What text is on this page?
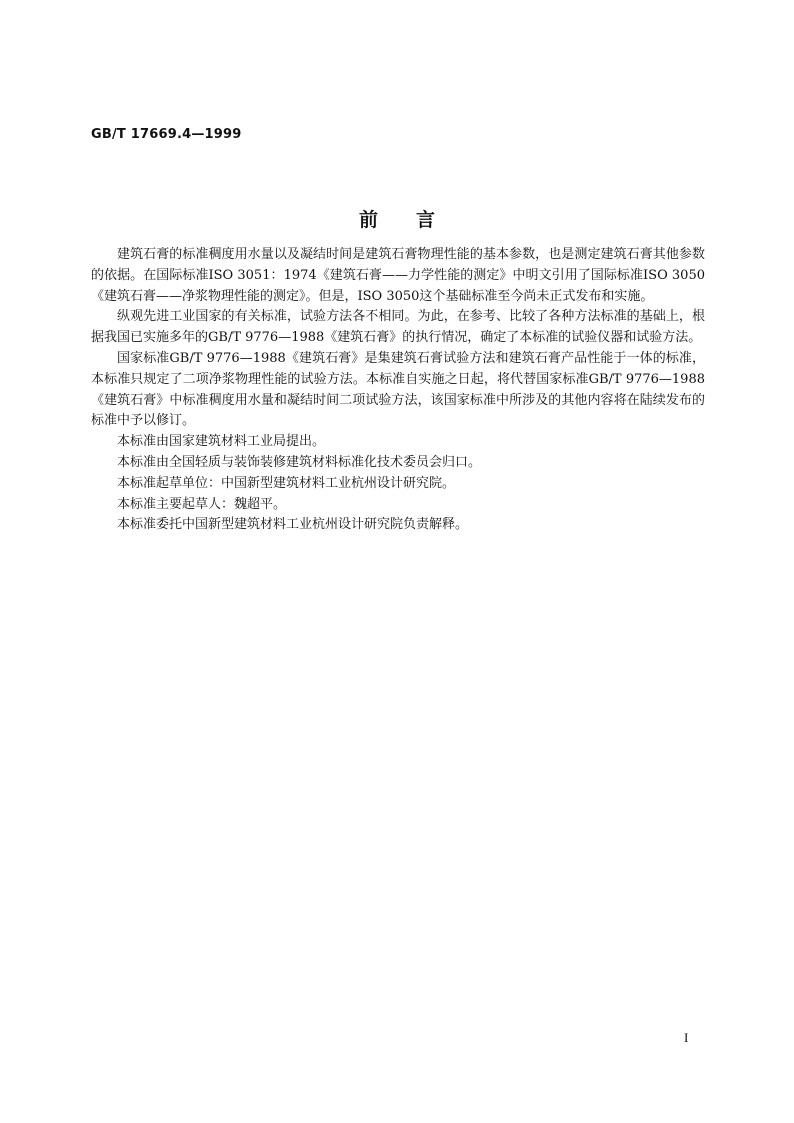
GB/T 17669.4—1999
前言

建筑石膏的标准稠度用水量以及凝结时间是建筑石膏物理性能的基本参数，也是测定建筑石膏其他参数的依据。在国际标准ISO 3051：1974《建筑石膏——力学性能的测定》中明文引用了国际标准ISO 3050《建筑石膏——净浆物理性能的测定》。但是，ISO 3050这个基础标准至今尚未正式发布和实施。

纵观先进工业国家的有关标准，试验方法各不相同。为此，在参考、比较了各种方法标准的基础上，根据我国已实施多年的GB/T 9776—1988《建筑石膏》的执行情况，确定了本标准的试验仪器和试验方法。

国家标准GB/T 9776—1988《建筑石膏》是集建筑石膏试验方法和建筑石膏产品性能于一体的标准，本标准只规定了二项净浆物理性能的试验方法。本标准自实施之日起，将代替国家标准GB/T 9776—1988《建筑石膏》中标准稠度用水量和凝结时间二项试验方法，该国家标准中所涉及的其他内容将在陆续发布的标准中予以修订。

本标准由国家建筑材料工业局提出。

本标准由全国轻质与装饰装修建筑材料标准化技术委员会归口。

本标准起草单位：中国新型建筑材料工业杭州设计研究院。

本标准主要起草人：魏超平。

本标准委托中国新型建筑材料工业杭州设计研究院负责解释。

I
